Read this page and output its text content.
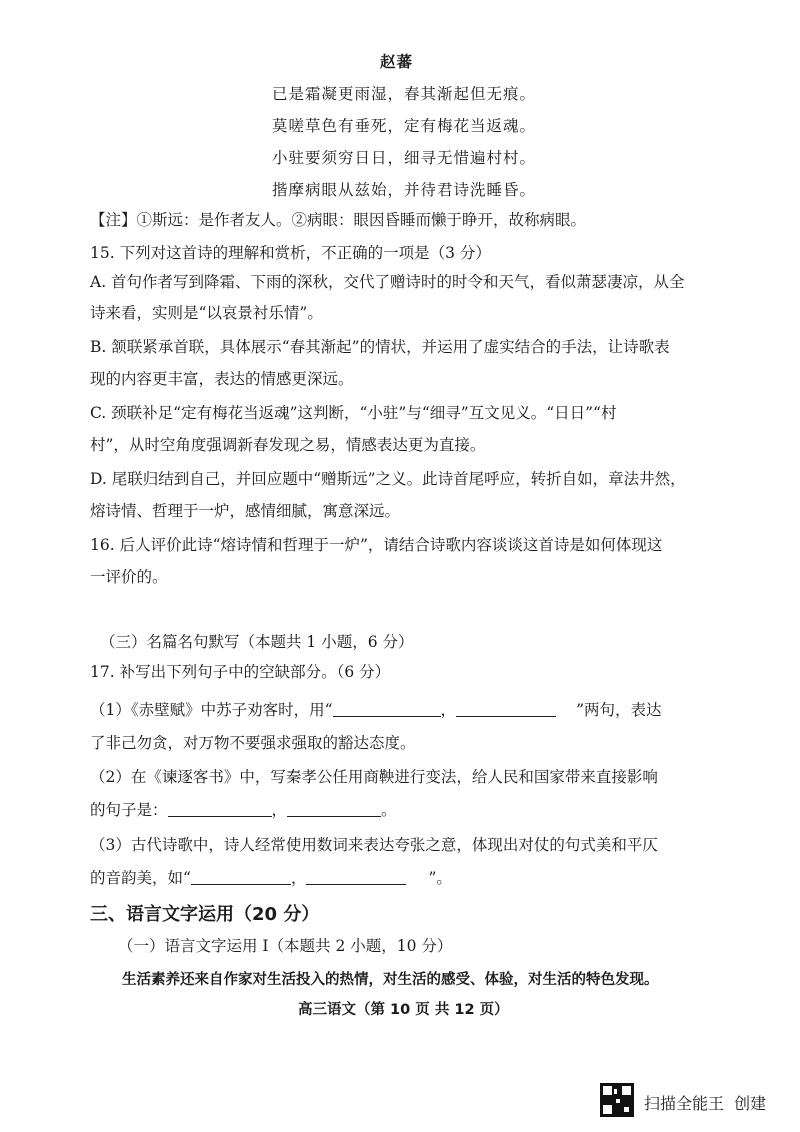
赵蕃
已是霜凝更雨湿，春其渐起但无痕。
莫嗟草色有垂死，定有梅花当返魂。
小驻要须穷日日，细寻无惜遍村村。
揩摩病眼从兹始，并待君诗洗睡昏。
【注】①斯远：是作者友人。②病眼：眼因昏睡而懒于睁开，故称病眼。
15. 下列对这首诗的理解和赏析，不正确的一项是（3 分）
A. 首句作者写到降霜、下雨的深秋，交代了赠诗时的时令和天气，看似萧瑟凄凉，从全
诗来看，实则是“以哀景衬乐情”。
B. 颔联紧承首联，具体展示“春其渐起”的情状，并运用了虚实结合的手法，让诗歌表
现的内容更丰富，表达的情感更深远。
C. 颈联补足“定有梅花当返魂”这判断，“小驻”与“细寻”互文见义。“日日”“村
村”，从时空角度强调新春发现之易，情感表达更为直接。
D. 尾联归结到自己，并回应题中“赠斯远”之义。此诗首尾呼应，转折自如，章法井然，
熔诗情、哲理于一炉，感情细腻，寓意深远。
16. 后人评价此诗“熔诗情和哲理于一炉”，请结合诗歌内容谈谈这首诗是如何体现这
一评价的。
（三）名篇名句默写（本题共 1 小题，6 分）
17. 补写出下列句子中的空缺部分。（6 分）
（1）《赤壁赋》中苏子劝客时，用“	，	”两句，表达
了非己勿贪，对万物不要强求强取的豁达态度。
（2）在《谏逐客书》中，写秦孝公任用商鞅进行变法，给人民和国家带来直接影响
的句子是：	，	。
（3）古代诗歌中，诗人经常使用数词来表达夸张之意，体现出对仗的句式美和平仄
的音韵美，如“	，	”。
三、语言文字运用（20 分）
（一）语言文字运用 I（本题共 2 小题，10 分）
生活素养还来自作家对生活投入的热情，对生活的感受、体验，对生活的特色发现。
高三语文（第 10 页 共 12 页）
扫描全能王  创建
